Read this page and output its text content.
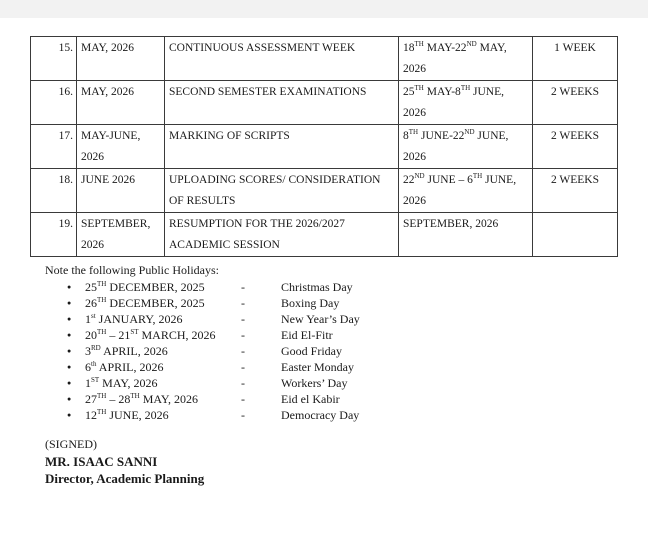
15.	MAY, 2026	CONTINUOUS ASSESSMENT WEEK	18TH MAY-22ND MAY,
2026	1 WEEK
16.	MAY, 2026	SECOND SEMESTER EXAMINATIONS	25TH MAY-8TH JUNE,
2026	2 WEEKS
17.	MAY-JUNE,
2026	MARKING OF SCRIPTS	8TH JUNE-22ND JUNE,
2026	2 WEEKS
18.	JUNE 2026	UPLOADING SCORES/ CONSIDERATION
OF RESULTS	22ND JUNE – 6TH JUNE,
2026	2 WEEKS
19.	SEPTEMBER,
2026	RESUMPTION FOR THE 2026/2027
ACADEMIC SESSION	SEPTEMBER, 2026

Note the following Public Holidays:
● 25TH DECEMBER, 2025	-	Christmas Day
● 26TH DECEMBER, 2025	-	Boxing Day
● 1st JANUARY, 2026	-	New Year’s Day
● 20TH – 21ST MARCH, 2026 -	Eid El-Fitr
● 3RD APRIL, 2026	-	Good Friday
● 6th APRIL, 2026	-	Easter Monday
● 1ST MAY, 2026	-	Workers’ Day
● 27TH – 28TH MAY, 2026	-	Eid el Kabir
● 12TH JUNE, 2026	-	Democracy Day
(SIGNED)
MR. ISAAC SANNI
Director, Academic Planning
